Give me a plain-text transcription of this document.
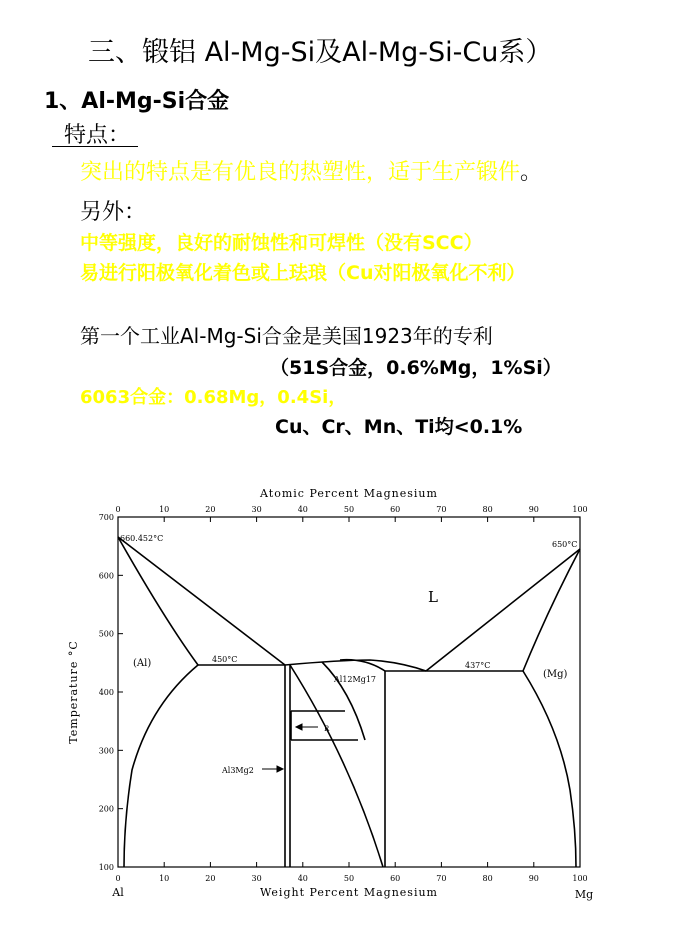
三、锻铝 Al-Mg-Si及Al-Mg-Si-Cu系）
1、Al-Mg-Si合金
特点：
突出的特点是有优良的热塑性，适于生产锻件。
另外：
中等强度，良好的耐蚀性和可焊性（没有SCC）
易进行阳极氧化着色或上珐琅（Cu对阳极氧化不利）
第一个工业Al-Mg-Si合金是美国1923年的专利
（51S合金，0.6%Mg，1%Si）
6063合金：0.68Mg，0.4Si，
Cu、Cr、Mn、Ti均<0.1%
0	10	20	30	40	50	60	70	80	90	100
0	10	20	30	40	50	60	70	80	90	100
100
200
300
400
500
600
700
Atomic Percent Magnesium
Weight Percent Magnesium
Temperature °C
Al	Mg
660.452°C
650°C
L
(Al)
(Mg)
450°C
437°C
Al12Mg17
R
Al3Mg2
